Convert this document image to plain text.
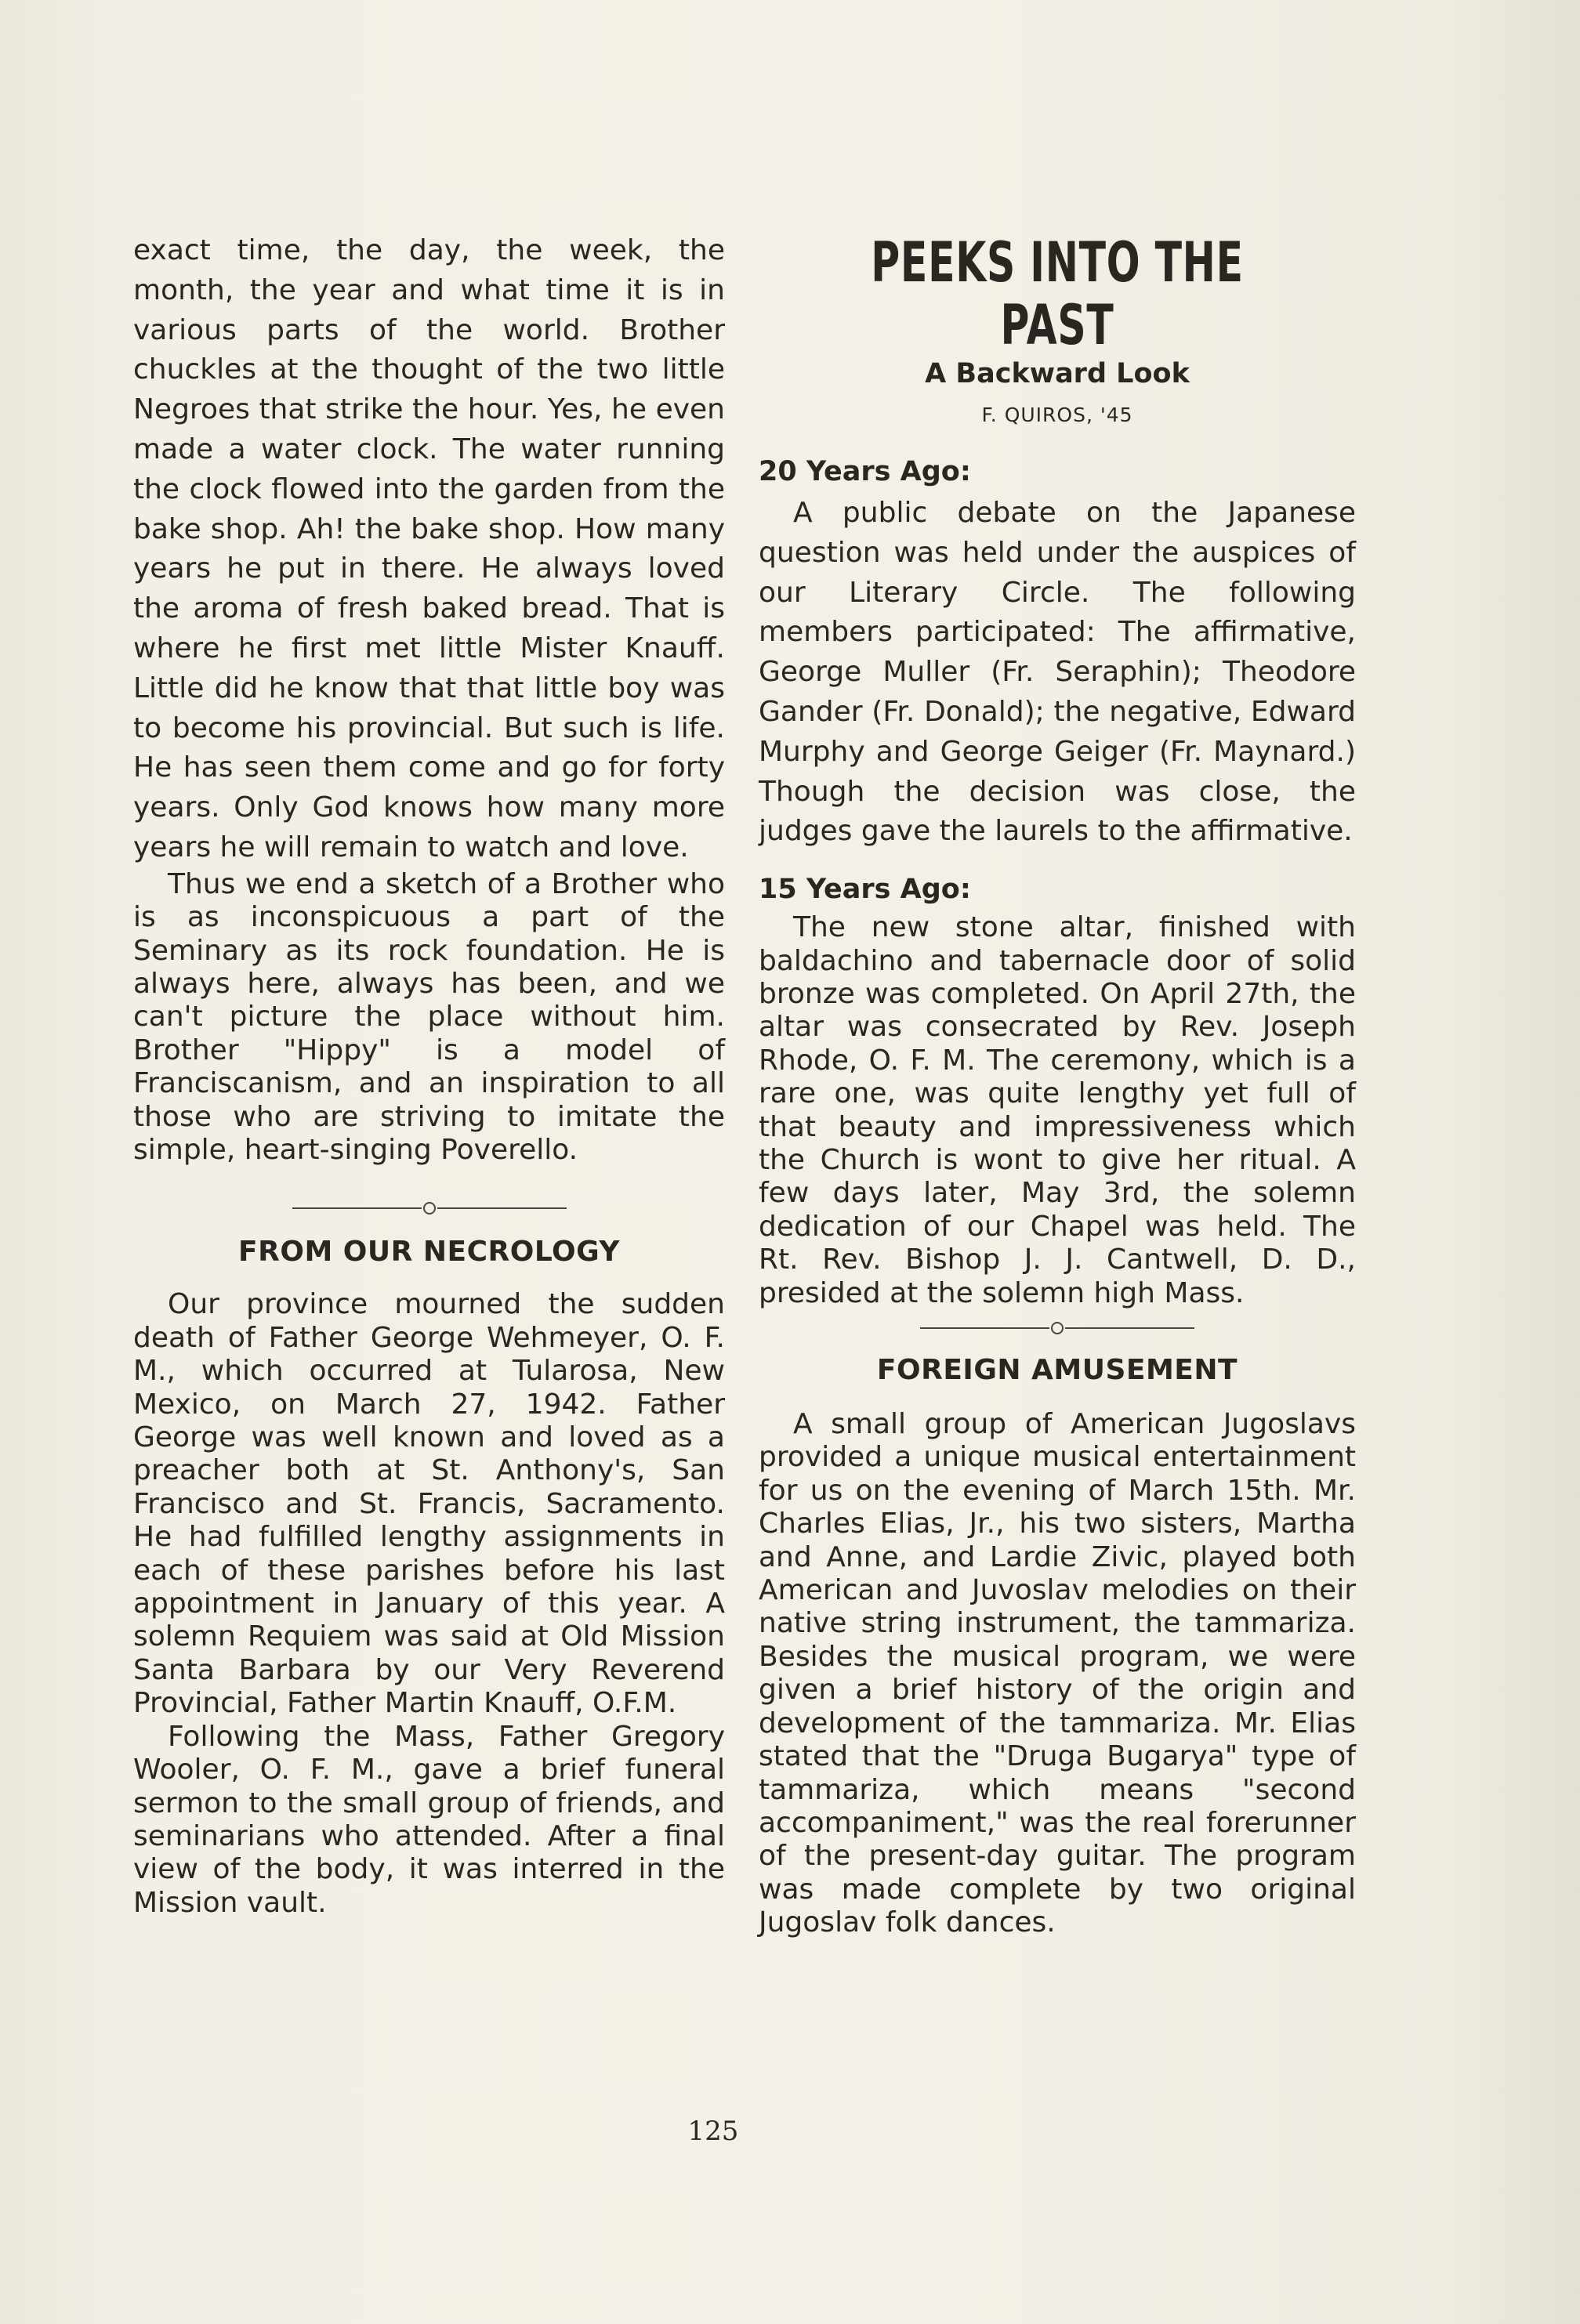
exact time, the day, the week, the month, the year and what time it is in various parts of the world. Brother chuckles at the thought of the two little Negroes that strike the hour. Yes, he even made a water clock. The water running the clock flowed into the garden from the bake shop. Ah! the bake shop. How many years he put in there. He always loved the aroma of fresh baked bread. That is where he first met little Mister Knauff. Little did he know that that little boy was to become his provincial. But such is life. He has seen them come and go for forty years. Only God knows how many more years he will remain to watch and love.

Thus we end a sketch of a Brother who is as inconspicuous a part of the Seminary as its rock foundation. He is always here, always has been, and we can't picture the place without him. Brother "Hippy" is a model of Franciscanism, and an inspiration to all those who are striving to imitate the simple, heart-singing Poverello.

FROM OUR NECROLOGY

Our province mourned the sudden death of Father George Wehmeyer, O. F. M., which occurred at Tularosa, New Mexico, on March 27, 1942. Father George was well known and loved as a preacher both at St. Anthony's, San Francisco and St. Francis, Sacramento. He had fulfilled lengthy assignments in each of these parishes before his last appointment in January of this year. A solemn Requiem was said at Old Mission Santa Barbara by our Very Reverend Provincial, Father Martin Knauff, O.F.M.

Following the Mass, Father Gregory Wooler, O. F. M., gave a brief funeral sermon to the small group of friends, and seminarians who attended. After a final view of the body, it was interred in the Mission vault.

PEEKS INTO THE PAST

A Backward Look

F. QUIROS, '45

20 Years Ago:

A public debate on the Japanese question was held under the auspices of our Literary Circle. The following members participated: The affirmative, George Muller (Fr. Seraphin); Theodore Gander (Fr. Donald); the negative, Edward Murphy and George Geiger (Fr. Maynard.) Though the decision was close, the judges gave the laurels to the affirmative.

15 Years Ago:

The new stone altar, finished with baldachino and tabernacle door of solid bronze was completed. On April 27th, the altar was consecrated by Rev. Joseph Rhode, O. F. M. The ceremony, which is a rare one, was quite lengthy yet full of that beauty and impressiveness which the Church is wont to give her ritual. A few days later, May 3rd, the solemn dedication of our Chapel was held. The Rt. Rev. Bishop J. J. Cantwell, D. D., presided at the solemn high Mass.

FOREIGN AMUSEMENT

A small group of American Jugoslavs provided a unique musical entertainment for us on the evening of March 15th. Mr. Charles Elias, Jr., his two sisters, Martha and Anne, and Lardie Zivic, played both American and Juvoslav melodies on their native string instrument, the tammariza. Besides the musical program, we were given a brief history of the origin and development of the tammariza. Mr. Elias stated that the "Druga Bugarya" type of tammariza, which means "second accompaniment," was the real forerunner of the present-day guitar. The program was made complete by two original Jugoslav folk dances.

125
